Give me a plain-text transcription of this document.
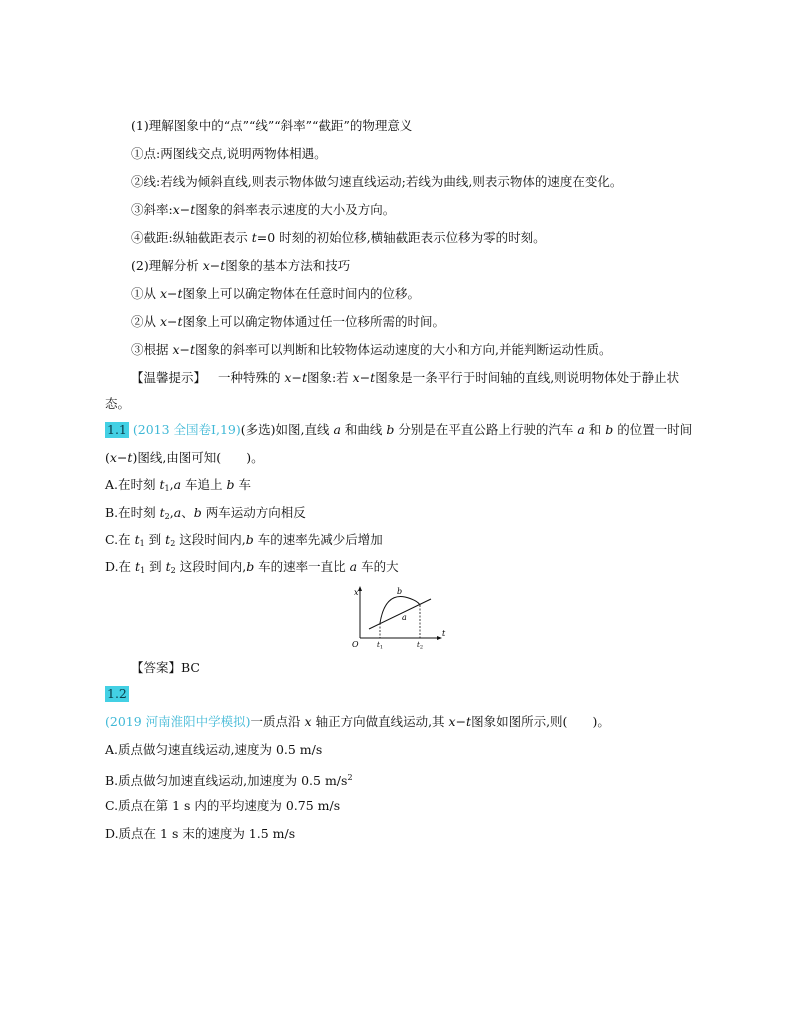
(1)理解图象中的“点”“线”“斜率”“截距”的物理意义
①点:两图线交点,说明两物体相遇。
②线:若线为倾斜直线,则表示物体做匀速直线运动;若线为曲线,则表示物体的速度在变化。
③斜率:x−t图象的斜率表示速度的大小及方向。
④截距:纵轴截距表示 t=0 时刻的初始位移,横轴截距表示位移为零的时刻。
(2)理解分析 x−t图象的基本方法和技巧
①从 x−t图象上可以确定物体在任意时间内的位移。
②从 x−t图象上可以确定物体通过任一位移所需的时间。
③根据 x−t图象的斜率可以判断和比较物体运动速度的大小和方向,并能判断运动性质。
【温馨提示】 一种特殊的 x−t图象:若 x−t图象是一条平行于时间轴的直线,则说明物体处于静止状
态。
1.1 (2013 全国卷Ⅰ,19)(多选)如图,直线 a 和曲线 b 分别是在平直公路上行驶的汽车 a 和 b 的位置一时间
(x−t)图线,由图可知(　　 )。
A.在时刻 $t_1,a$ 车追上 b 车
B.在时刻 $t_2,a$、b 两车运动方向相反
C.在 $t_1$ 到 $t_2$ 这段时间内,b 车的速率先减少后增加
D.在 $t_1$ 到 $t_2$ 这段时间内,b 车的速率一直比 a 车的大
x
t
O
b
a
$t_1$	$t_2$
【答案】BC
1.2
(2019 河南淮阳中学模拟)一质点沿 x 轴正方向做直线运动,其 x−t图象如图所示,则(　　 )。
A.质点做匀速直线运动,速度为 0.5 m/s
B.质点做匀加速直线运动,加速度为 0.5 $m/s^2$
C.质点在第 1 s 内的平均速度为 0.75 m/s
D.质点在 1 s 末的速度为 1.5 m/s
